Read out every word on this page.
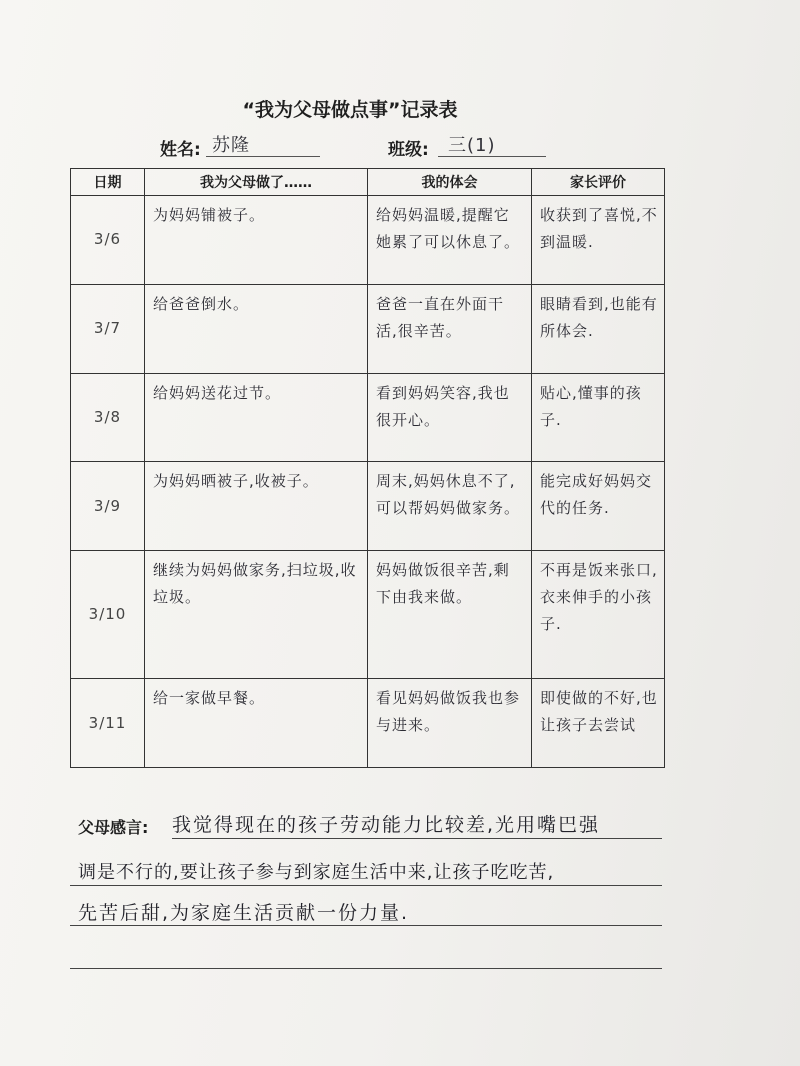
“我为父母做点事”记录表
姓名: 苏隆	班级: 三(1)
日期	我为父母做了……	我的体会	家长评价
3/6	为妈妈铺被子。	给妈妈温暖,提醒它她累了可以休息了。	收获到了喜悦,不到温暖.
3/7	给爸爸倒水。	爸爸一直在外面干活,很辛苦。	眼睛看到,也能有所体会.
3/8	给妈妈送花过节。	看到妈妈笑容,我也很开心。	贴心,懂事的孩子.
3/9	为妈妈晒被子,收被子。	周末,妈妈休息不了,可以帮妈妈做家务。	能完成好妈妈交代的任务.
3/10	继续为妈妈做家务,扫垃圾,收垃圾。	妈妈做饭很辛苦,剩下由我来做。	不再是饭来张口,衣来伸手的小孩子.
3/11	给一家做早餐。	看见妈妈做饭我也参与进来。	即使做的不好,也让孩子去尝试
父母感言: 我觉得现在的孩子劳动能力比较差,光用嘴巴强
调是不行的,要让孩子参与到家庭生活中来,让孩子吃吃苦,
先苦后甜,为家庭生活贡献一份力量.
